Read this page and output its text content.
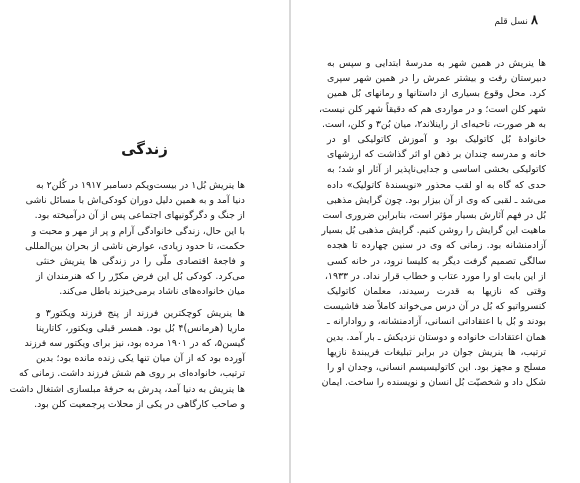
زندگی
ها ینریش بُل۱ در بیست‌ویکم دسامبر ۱۹۱۷ در کُلن۲ به
دنیا آمد و به همین دلیل دوران کودکی‌اش با مسائل ناشی
از جنگ و دگرگونیهای اجتماعی پس از آن درآمیخته بود.
با این حال، زندگی خانوادگی آرام و پر از مهر و محبت و
حکمت، تا حدود زیادی، عوارض ناشی از بحران بین‌المللی
و فاجعهٔ اقتصادی ملّی را در زندگی ها ینریش خنثی
می‌کرد. کودکی بُل این فرض مکرّر را که هنرمندان از
میان خانواده‌های ناشاد برمی‌خیزند باطل می‌کند.
ها ینریش کوچکترین فرزند از پنج فرزند ویکتور۳ و
ماریا (هرمانس)۴ بُل بود. همسر قبلی ویکتور، کاتارینا
گیسن۵، که در ۱۹۰۱ مرده بود، نیز برای ویکتور سه فرزند
آورده بود که از آن میان تنها یکی زنده مانده بود؛ بدین
ترتیب، خانواده‌ای بر روی هم شش فرزند داشت. زمانی که
ها ینریش به دنیا آمد، پدرش به حرفهٔ مبلسازی اشتغال داشت
و صاحب کارگاهی در یکی از محلات پرجمعیت کلن بود.
۸ نسل قلم
ها ینریش در همین شهر به مدرسهٔ ابتدایی و سپس به
دبیرستان رفت و بیشتر عمرش را در همین شهر سپری
کرد. محل وقوع بسیاری از داستانها و رمانهای بُل همین
شهر کلن است؛ و در مواردی هم که دقیقاً شهر کلن نیست،
به هر صورت، ناحیه‌ای از راینلاند۲، میان بُن۳ و کلن، است.
خانوادهٔ بُل کاتولیک بود و آموزش کاتولیکی او در
خانه و مدرسه چندان بر ذهن او اثر گذاشت که ارزشهای
کاتولیکی بخشی اساسی و جدایی‌ناپذیر از آثار او شد؛ به
حدی که گاه به او لقب محذور «نویسندهٔ کاتولیک» داده
می‌شد ـ لقبی که وی از آن بیزار بود. چون گرایش مذهبی
بُل در فهم آثارش بسیار مؤثر است، بنابراین ضروری است
ماهیت این گرایش را روشن کنیم. گرایش مذهبی بُل بسیار
آزادمنشانه بود. زمانی که وی در سنین چهارده تا هجده
سالگی تصمیم گرفت دیگر به کلیسا نرود، در خانه کسی
از این بابت او را مورد عتاب و خطاب قرار نداد. در ۱۹۳۳،
وقتی که نازیها به قدرت رسیدند، معلمان کاتولیک
کنسرواتیو که بُل در آن درس می‌خواند کاملاً ضد فاشیست
بودند و بُل با اعتقاداتی انسانی، آزادمنشانه، و روادارانه ـ
همان اعتقادات خانواده و دوستان نزدیکش ـ بار آمد. بدین
ترتیب، ها ینریش جوان در برابر تبلیغات فریبندهٔ نازیها
مسلح و مجهز بود. این کاتولیسیسم انسانی، وجدان او را
شکل داد و شخصیّت بُل انسان و نویسنده را ساخت. ایمان
